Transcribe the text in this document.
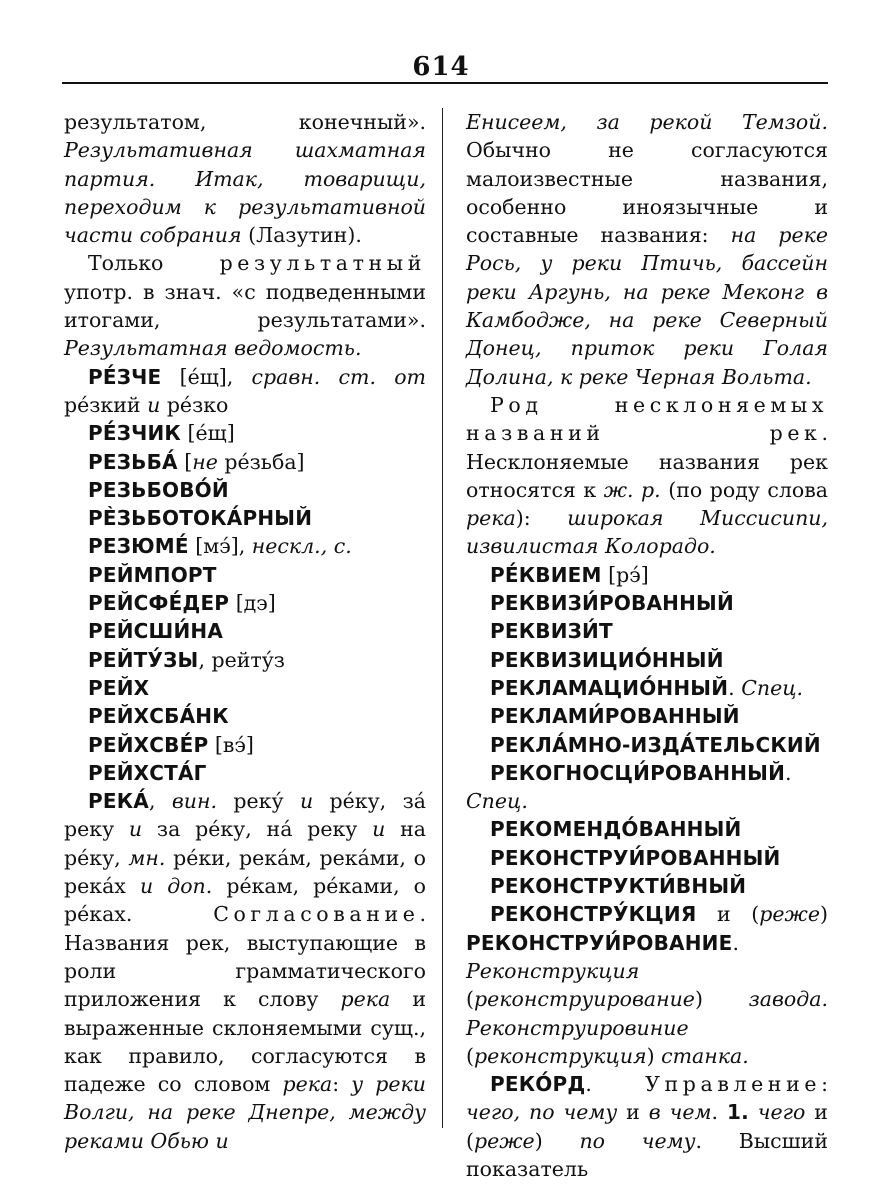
614

результатом, конечный». Результативная шахматная партия. Итак, товарищи, переходим к результативной части собрания (Лазутин).

Только результатный употр. в знач. «с подведенными итогами, результатами». Результатная ведомость.

РЕ́ЗЧЕ [е́щ], сравн. ст. от ре́зкий и ре́зко

РЕ́ЗЧИК [е́щ]

РЕЗЬБА́ [не ре́зьба]

РЕЗЬБОВО́Й

РЀЗЬБОТОКА́РНЫЙ

РЕЗЮМЕ́ [мэ́], нескл., с.

РЕЙМПОРТ

РЕЙСФЕ́ДЕР [дэ]

РЕЙСШИ́НА

РЕЙТУ́ЗЫ, рейту́з

РЕЙХ

РЕЙХСБА́НК

РЕЙХСВЕ́Р [вэ́]

РЕЙХСТА́Г

РЕКА́, вин. реку́ и ре́ку, за́ реку и за ре́ку, на́ реку и на ре́ку, мн. ре́ки, река́м, река́ми, о река́х и доп. ре́кам, ре́ками, о ре́ках. Согласование. Названия рек, выступающие в роли грамматического приложения к слову река и выраженные склоняемыми сущ., как правило, согласуются в падеже со словом река: у реки Волги, на реке Днепре, между реками Обью и

Енисеем, за рекой Темзой. Обычно не согласуются малоизвестные названия, особенно иноязычные и составные названия: на реке Рось, у реки Птичь, бассейн реки Аргунь, на реке Меконг в Камбодже, на реке Северный Донец, приток реки Голая Долина, к реке Черная Вольта.

Род несклоняемых названий рек. Несклоняемые названия рек относятся к ж. р. (по роду слова река): широкая Миссисипи, извилистая Колорадо.

РЕ́КВИЕМ [рэ́]

РЕКВИЗИ́РОВАННЫЙ

РЕКВИЗИ́Т

РЕКВИЗИЦИО́ННЫЙ

РЕКЛАМАЦИО́ННЫЙ. Спец.

РЕКЛАМИ́РОВАННЫЙ

РЕКЛА́МНО-ИЗДА́ТЕЛЬСКИЙ

РЕКОГНОСЦИ́РОВАННЫЙ. Спец.

РЕКОМЕНДО́ВАННЫЙ

РЕКОНСТРУИ́РОВАННЫЙ

РЕКОНСТРУКТИ́ВНЫЙ

РЕКОНСТРУ́КЦИЯ и (реже) РЕКОНСТРУИ́РОВАНИЕ. Реконструкция (реконструирование) завода. Реконструировиние (реконструкция) станка.

РЕКО́РД. Управление: чего, по чему и в чем. 1. чего и (реже) по чему. Высший показатель
